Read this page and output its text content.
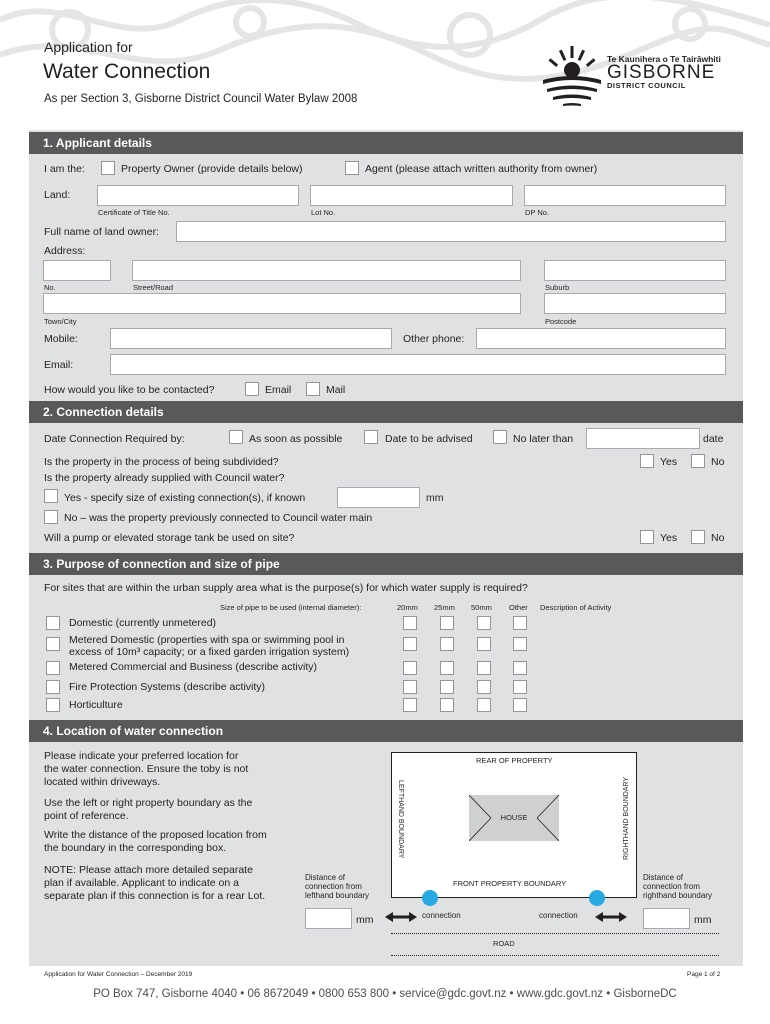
Application for
Water Connection
As per Section 3, Gisborne District Council Water Bylaw 2008
Te Kaunihera o Te Tairāwhiti
GISBORNE
DISTRICT COUNCIL
1. Applicant details
I am the:	Property Owner (provide details below)	Agent (please attach written authority from owner)
Land:
Certificate of Title No.	Lot No.	DP No.
Full name of land owner:
Address:
No.	Street/Road	Suburb
Town/City	Postcode
Mobile:	Other phone:
Email:
How would you like to be contacted?	Email	Mail
2. Connection details
Date Connection Required by:	As soon as possible	Date to be advised	No later than	date
Is the property in the process of being subdivided?	Yes	No
Is the property already supplied with Council water?
Yes - specify size of existing connection(s), if known	mm
No – was the property previously connected to Council water main
Will a pump or elevated storage tank be used on site?	Yes	No
3. Purpose of connection and size of pipe
For sites that are within the urban supply area what is the purpose(s) for which water supply is required?
Size of pipe to be used (internal diameter):	20mm 25mm 50mm Other Description of Activity
Domestic (currently unmetered)
Metered Domestic (properties with spa or swimming pool in
excess of 10m³ capacity; or a fixed garden irrigation system)
Metered Commercial and Business (describe activity)
Fire Protection Systems (describe activity)
Horticulture
4. Location of water connection
Please indicate your preferred location for
the water connection. Ensure the toby is not
located within driveways.
Use the left or right property boundary as the
point of reference.
Write the distance of the proposed location from
the boundary in the corresponding box.
NOTE: Please attach more detailed separate
plan if available. Applicant to indicate on a
separate plan if this connection is for a rear Lot.
Distance of
connection from
lefthand boundary
Distance of
connection from
righthand boundary
REAR OF PROPERTY
LEFTHAND BOUNDARY	RIGHTHAND BOUNDARY
HOUSE
FRONT PROPERTY BOUNDARY
mm	connection	connection	mm
ROAD
Application for Water Connection – December 2019	Page 1 of 2
PO Box 747, Gisborne 4040 • 06 8672049 • 0800 653 800 • service@gdc.govt.nz • www.gdc.govt.nz • GisborneDC
